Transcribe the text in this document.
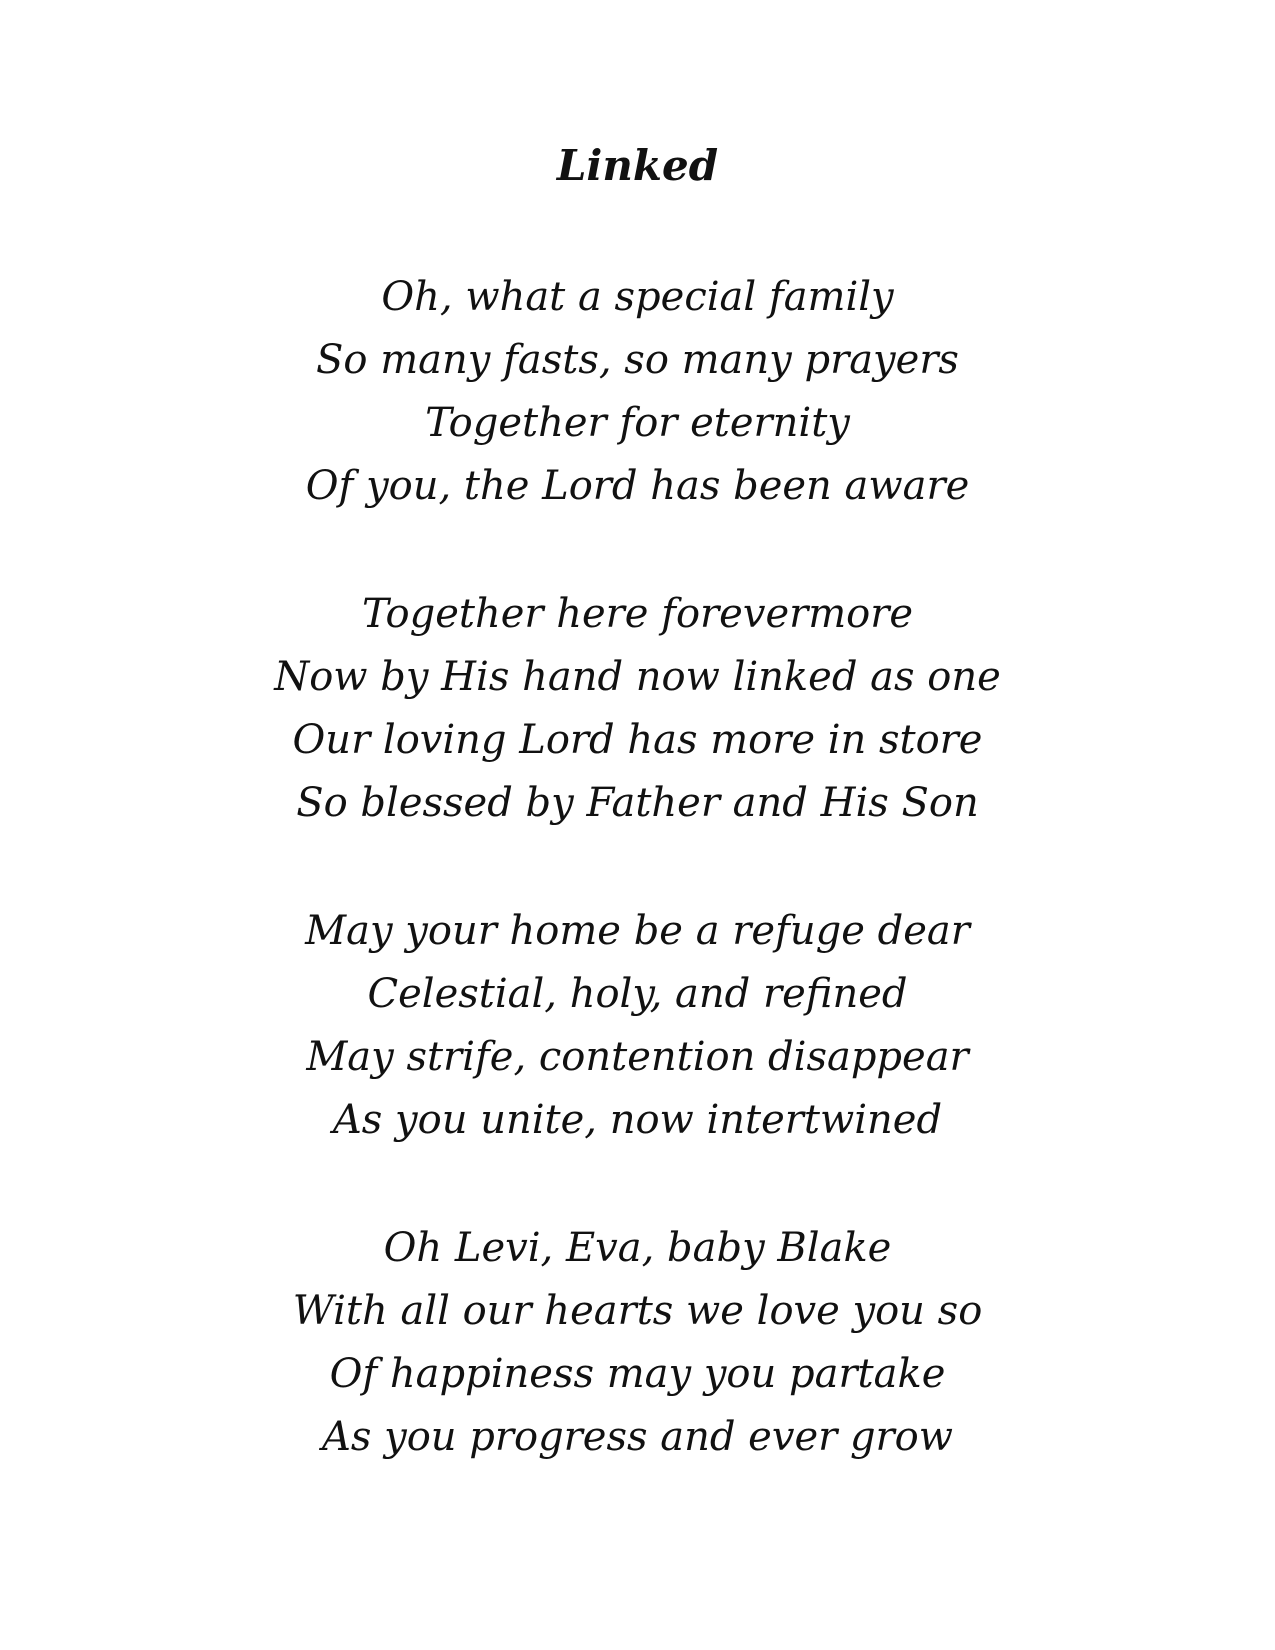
Linked
Oh, what a special family
So many fasts, so many prayers
Together for eternity
Of you, the Lord has been aware
Together here forevermore
Now by His hand now linked as one
Our loving Lord has more in store
So blessed by Father and His Son
May your home be a refuge dear
Celestial, holy, and refined
May strife, contention disappear
As you unite, now intertwined
Oh Levi, Eva, baby Blake
With all our hearts we love you so
Of happiness may you partake
As you progress and ever grow
